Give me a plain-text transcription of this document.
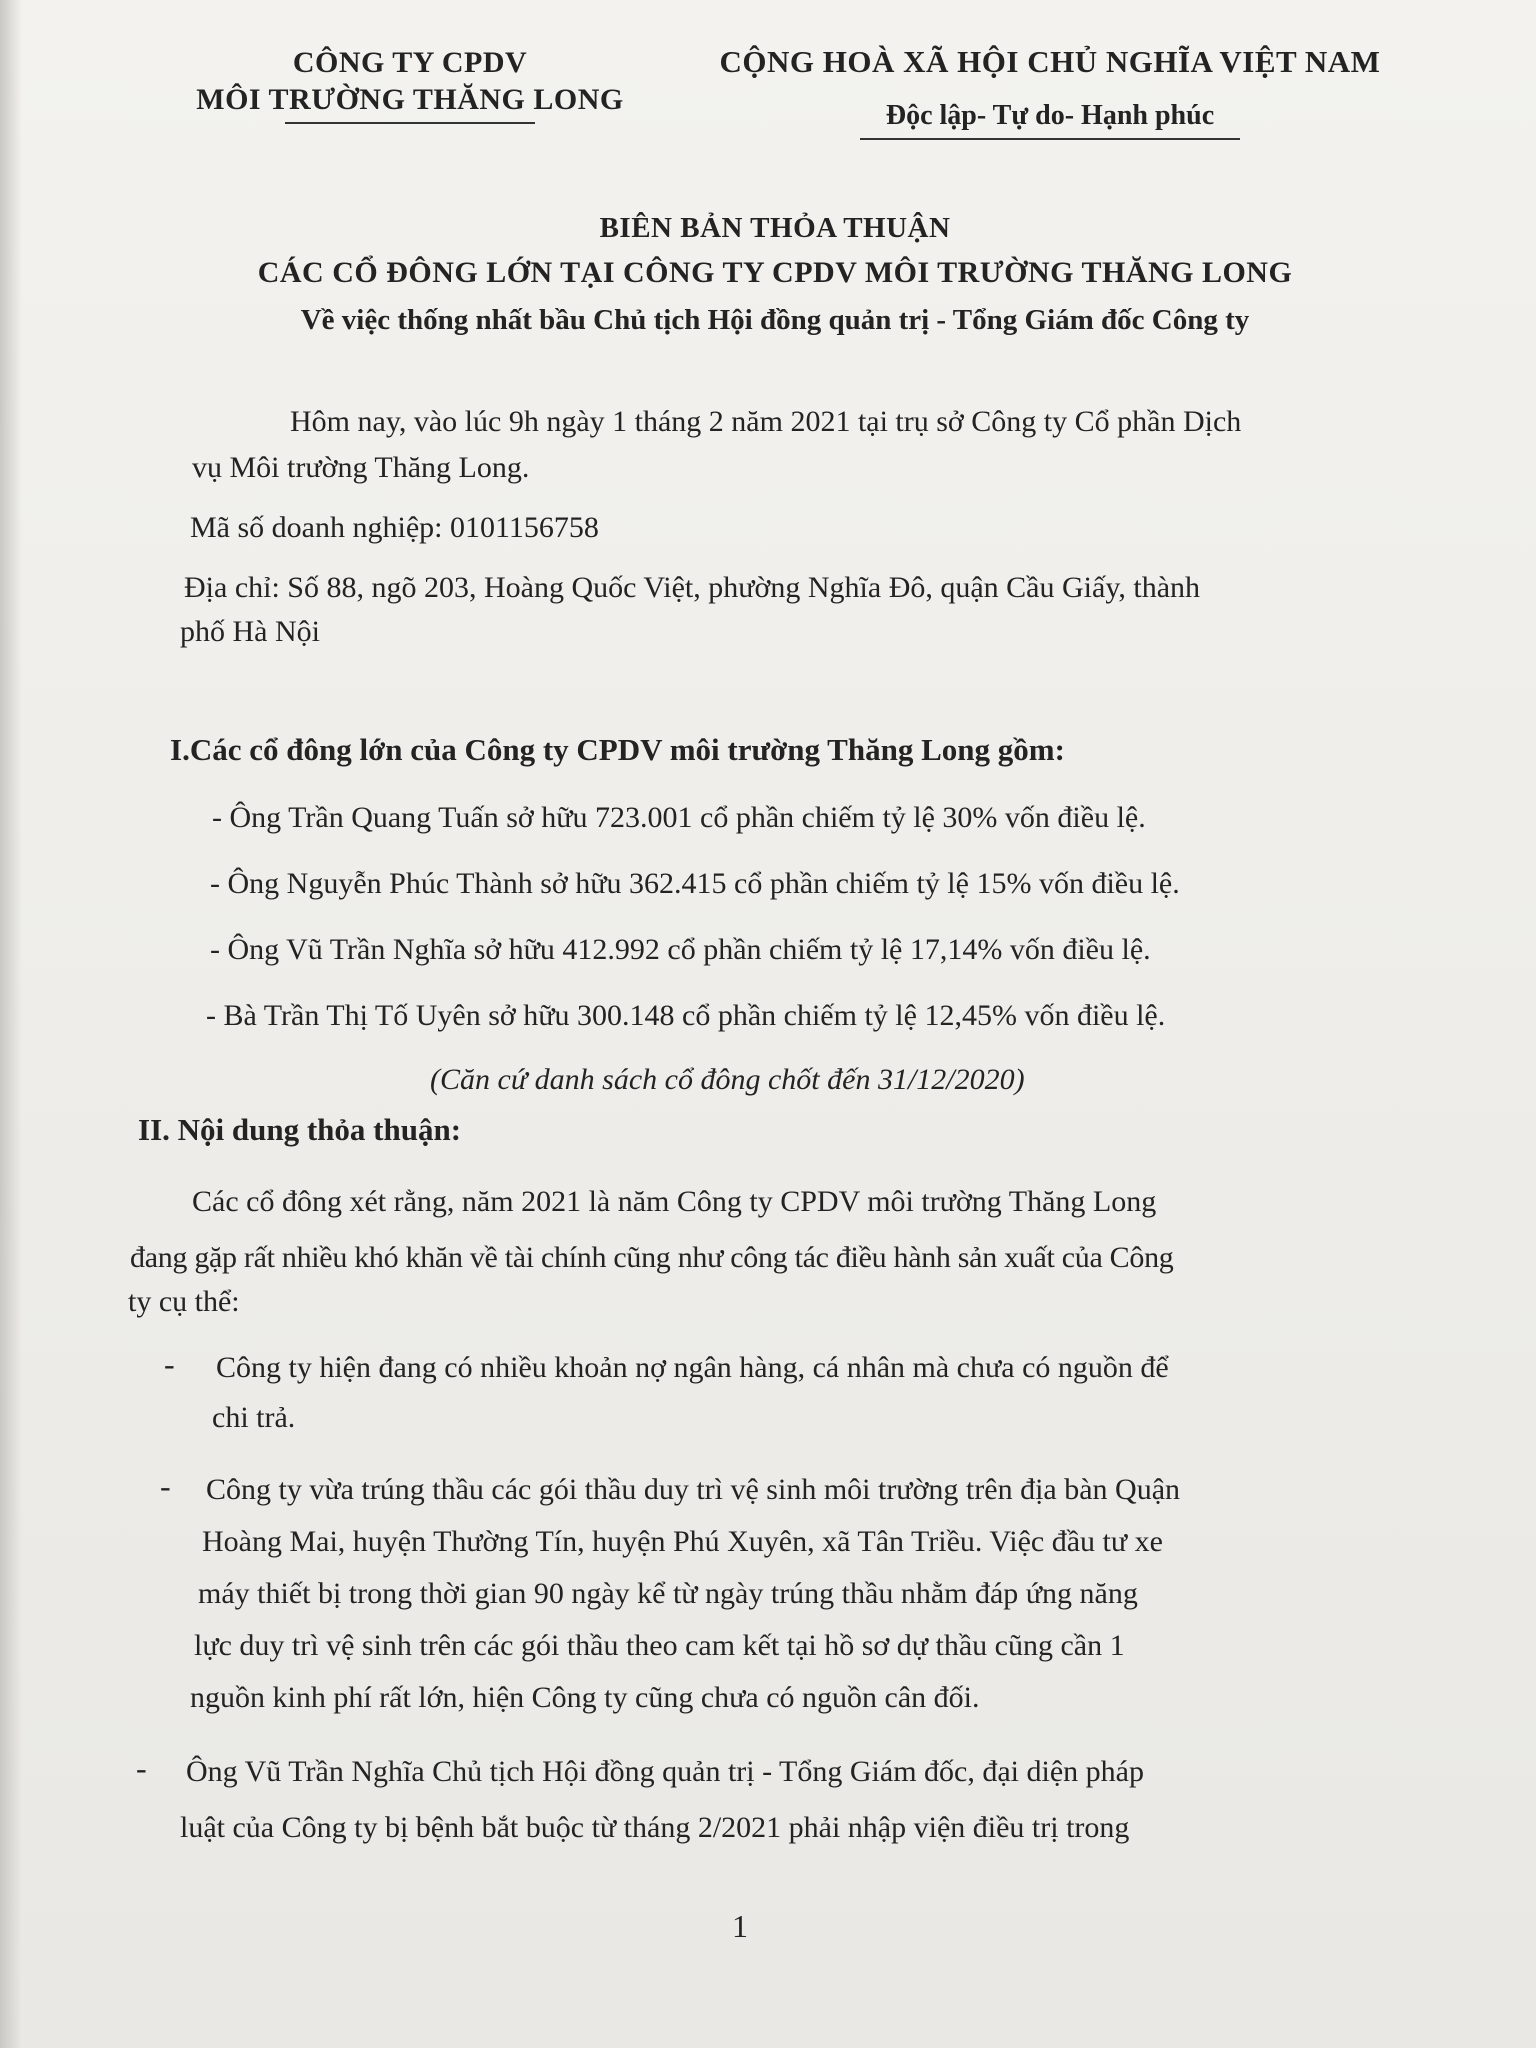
CÔNG TY CPDV
MÔI TRƯỜNG THĂNG LONG
CỘNG HOÀ XÃ HỘI CHỦ NGHĨA VIỆT NAM
Độc lập- Tự do- Hạnh phúc
BIÊN BẢN THỎA THUẬN
CÁC CỔ ĐÔNG LỚN TẠI CÔNG TY CPDV MÔI TRƯỜNG THĂNG LONG
Về việc thống nhất bầu Chủ tịch Hội đồng quản trị - Tổng Giám đốc Công ty
Hôm nay, vào lúc 9h ngày 1 tháng 2 năm 2021 tại trụ sở Công ty Cổ phần Dịch
vụ Môi trường Thăng Long.
Mã số doanh nghiệp: 0101156758
Địa chỉ: Số 88, ngõ 203, Hoàng Quốc Việt, phường Nghĩa Đô, quận Cầu Giấy, thành
phố Hà Nội
I.Các cổ đông lớn của Công ty CPDV môi trường Thăng Long gồm:
- Ông Trần Quang Tuấn sở hữu 723.001 cổ phần chiếm tỷ lệ 30% vốn điều lệ.
- Ông Nguyễn Phúc Thành sở hữu 362.415 cổ phần chiếm tỷ lệ 15% vốn điều lệ.
- Ông Vũ Trần Nghĩa sở hữu 412.992 cổ phần chiếm tỷ lệ 17,14% vốn điều lệ.
- Bà Trần Thị Tố Uyên sở hữu 300.148 cổ phần chiếm tỷ lệ 12,45% vốn điều lệ.
(Căn cứ danh sách cổ đông chốt đến 31/12/2020)
II. Nội dung thỏa thuận:
Các cổ đông xét rằng, năm 2021 là năm Công ty CPDV môi trường Thăng Long
đang gặp rất nhiều khó khăn về tài chính cũng như công tác điều hành sản xuất của Công
ty cụ thể:
- Công ty hiện đang có nhiều khoản nợ ngân hàng, cá nhân mà chưa có nguồn để
chi trả.
- Công ty vừa trúng thầu các gói thầu duy trì vệ sinh môi trường trên địa bàn Quận
Hoàng Mai, huyện Thường Tín, huyện Phú Xuyên, xã Tân Triều. Việc đầu tư xe
máy thiết bị trong thời gian 90 ngày kể từ ngày trúng thầu nhằm đáp ứng năng
lực duy trì vệ sinh trên các gói thầu theo cam kết tại hồ sơ dự thầu cũng cần 1
nguồn kinh phí rất lớn, hiện Công ty cũng chưa có nguồn cân đối.
- Ông Vũ Trần Nghĩa Chủ tịch Hội đồng quản trị - Tổng Giám đốc, đại diện pháp
luật của Công ty bị bệnh bắt buộc từ tháng 2/2021 phải nhập viện điều trị trong
1
